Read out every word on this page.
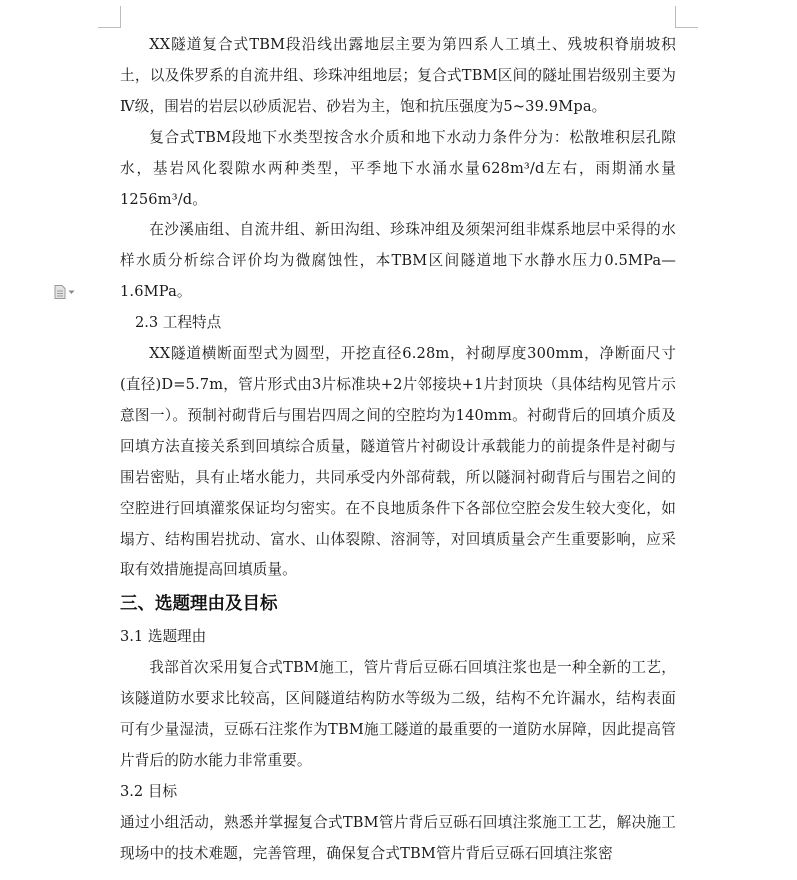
XX隧道复合式TBM段沿线出露地层主要为第四系人工填土、残坡积脊崩坡积土，以及侏罗系的自流井组、珍珠冲组地层；复合式TBM区间的隧址围岩级别主要为Ⅳ级，围岩的岩层以砂质泥岩、砂岩为主，饱和抗压强度为5~39.9Mpa。

复合式TBM段地下水类型按含水介质和地下水动力条件分为：松散堆积层孔隙水，基岩风化裂隙水两种类型，平季地下水涌水量628m³/d左右，雨期涌水量1256m³/d。

在沙溪庙组、自流井组、新田沟组、珍珠冲组及须架河组非煤系地层中采得的水样水质分析综合评价均为微腐蚀性，本TBM区间隧道地下水静水压力0.5MPa—1.6MPa。

2.3 工程特点

XX隧道横断面型式为圆型，开挖直径6.28m，衬砌厚度300mm，净断面尺寸(直径)D=5.7m，管片形式由3片标准块+2片邻接块+1片封顶块（具体结构见管片示意图一）。预制衬砌背后与围岩四周之间的空腔均为140mm。衬砌背后的回填介质及回填方法直接关系到回填综合质量，隧道管片衬砌设计承载能力的前提条件是衬砌与围岩密贴，具有止堵水能力，共同承受内外部荷载，所以隧洞衬砌背后与围岩之间的空腔进行回填灌浆保证均匀密实。在不良地质条件下各部位空腔会发生较大变化，如塌方、结构围岩扰动、富水、山体裂隙、溶洞等，对回填质量会产生重要影响，应采取有效措施提高回填质量。

三、选题理由及目标

3.1 选题理由

我部首次采用复合式TBM施工，管片背后豆砾石回填注浆也是一种全新的工艺，该隧道防水要求比较高，区间隧道结构防水等级为二级，结构不允许漏水，结构表面可有少量湿渍，豆砾石注浆作为TBM施工隧道的最重要的一道防水屏障，因此提高管片背后的防水能力非常重要。

3.2 目标

通过小组活动，熟悉并掌握复合式TBM管片背后豆砾石回填注浆施工工艺，解决施工现场中的技术难题，完善管理，确保复合式TBM管片背后豆砾石回填注浆密
